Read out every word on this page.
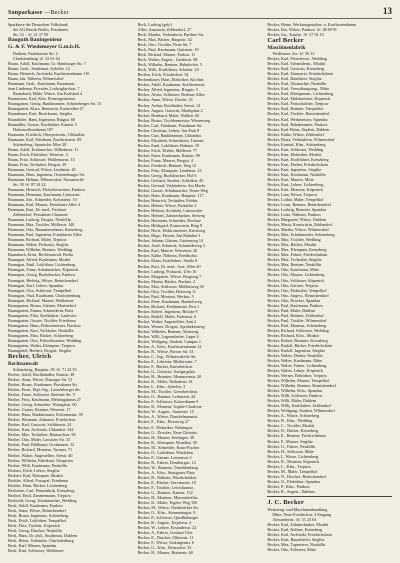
Sonparkasse —Becker	13
Sparkasse der Deutschen Volksbank
der AG Bezirk Berlin, Potsdamer
Str. 52 · ☏ 21 37 00
Bauguth Bauingenieur
G. & F. Wiedemeyer G.m.b.H.
Dahlem, Paulsborner Str. 2
Charlottenburg ☏ 32 61 64
Baum, Adolf, Kaufmann, Gr. Hamburger Str. 7
Baum, Gerh., Studienrat, Sybelstr. 12
Baum, Heinrich, Architekt, Kurfürstendamm 110
Baum, Ida, Näherin, Wilmersdorf
Baumann, Gerh., Kaufmann, Fasanenstr.
dem Lindenau, Privatier, Ludwigkirchstr. 7
Baumbach, Hilde, Witwe, Am Karlsbad 4
Baumeister, Karl, Kfm. Prinzregentenstr.
Baumgarten, Georg, Bankbeamter, Schöneberger Str. 15
Baumgarten, Klara, Rentnerin, Kaiserallee 67
Baumhauer, Kurt, Bezirksamt, Steglitz
Baumhöfer, Hans, Ingenieur, Ringstr. 60
Baumüller, Gustav, Buchhalter, Kantstr. 5
Hohenzollerndamm 107
Baumann, Friedrich, Oberpostsekr., Uhlandstr.
Baumann, Karl, Fabrikant, Kurfürstenstr. 85
Schöneberg, Spanische Allee 28
Baum, Adolf, Korbmacher, Wilhelmstr. 11
Baum, Erich, Elektriker, Weserstr. 3
Baum, Fritz, Schlosser, Waldemarstr. 13
Baum, Fritz, Techniker, Bergstr. 29
Baumann, Gertrud, Witwe, Lindenstr. 45
Baumann, Hans, Ingenieur, Oranienburger Str.
Baumann, Helmut, Wilmersdorf, Nassauische
Str. 30 ☏ 87 54 22
Baumann, Heinrich, Fleischermeister, Pankow
Baumann, Hermann, Kaufmann, Lützowstr.
Baumann, Joh., Schneider, Koloniestr. 10
Baumann, Karl, Maurer, Prenzlauer Allee 4
Baumann, Kurt, Dr. med., Facharzt
Zehlendorf, Potsdamer Chaussee
Baumann, Ludwig, Drogist, Neukölln
Baumann, Max, Tischler, Müllerstr. 140
Baumann, Otto, Bauunternehmer, Kreuzberg
Baumann, Paul, Ingenieur, Frankfurter Allee
Baumann, Richard, Maler, Treptow
Baumann, Walter, Prokurist, Steglitz
Baumann, Wilhelm, Rentner, Wedding
Baumbach, Ernst, Rechtsanwalt, Berlin
Baumgart, Alfred, Kaufmann, Moabit
Baumgart, Emil, Lokführer, Lichtenberg
Baumgart, Franz, Schuhmacher, Köpenick
Baumgart, Georg, Buchdrucker, Pankow
Baumgart, Hedwig, Witwe, Reinickendorf
Baumgart, Karl, Lehrer, Spandau
Baumgart, Otto, Schlosser, Tempelhof
Baumgart, Paul, Kaufmann, Charlottenburg
Baumgart, Richard, Maurer, Weißensee
Baumgarten, Bruno, Gärtner, Mariendorf
Baumgarten, Emma, Schneiderin, Britz
Baumgarten, Fritz, Kraftfahrer, Lankwitz
Baumgarten, Gustav, Tischler, Friedenau
Baumgarten, Hans, Elektromeister, Buckow
Baumgarten, Kurt, Verkäufer, Neukölln
Baumgarten, Max, Bäcker, Schöneberg
Baumgarten, Otto, Polizeibeamter, Wedding
Baumgarten, Walter, Klempner, Treptow
Baumgärtel, Herbert, Drogist, Steglitz
Becher, Ulrich
Rechtsanwalt
Schöneberg, Hauptstr. 85 ☏ 71 24 55
Becher, Adolf, Buchhändler, Kantstr. 48
Becher, Anna, Witwe, Danziger Str. 51
Becher, Bruno, Kaufmann, Potsdamer Str.
Becher, Ernst, Dipl.-Ing., Lietzenburger Str.
Becher, Franz, Schlosser, Stettiner Str. 9
Becher, Fritz, Kaufmann, Mehringdamm 27
Becher, Georg, Schneider, Wrangelstr. 60
Becher, Gustav, Rentner, Weserstr. 17
Becher, Hans, Bankbeamter, Kolonnenstr. 39
Becher, Hermann, Zahnarzt, Friedrichstr.
Becher, Karl, Gastwirt, Schlüterstr. 24
Becher, Kurt, Architekt, Uhlandstr. 144
Becher, Max, Techniker, Bismarckstr. 66
Becher, Otto, Maler, Lausitzer Str. 33
Becher, Paul, Bildhauer, Grolmanstr. 12
Becher, Richard, Monteur, Turmstr. 71
Becher, Walter, Angestellter, Seestr. 40
Becher, Wilhelm, Fabrikant, Tiergarten
Becher, Willi, Kaufmann, Neukölln
Bechert, Erich, Lehrer, Steglitz
Bechert, Karl, Klempner, Moabit
Bechler, Alfred, Fotograf, Friedenau
Bechler, Hans, Bäcker, Lichtenberg
Bechstein, Carl, Pianofabrik, Kreuzberg
Bechtel, Emil, Zimmermann, Treptow
Bechtold, Georg, Schuhmacher, Wedding
Beck, Adolf, Kaufmann, Pankow
Beck, Anna, Witwe, Reinickendorf
Beck, Bruno, Ingenieur, Schöneberg
Beck, Erich, Lokführer, Tempelhof
Beck, Fritz, Tischler, Köpenick
Beck, Georg, Drucker, Neukölln
Beck, Hans, Dr. phil., Studienrat, Dahlem
Beck, Heinz, Verkäufer, Charlottenburg
Beck, Karl, Maurer, Spandau
Beck, Kurt, Schlosser, Weißensee
Beck, Ludwig (geb.)
Allee, Anastasia, Zehlendorf, 27
Beck, Martha, Verkäuferin, Berliner Str.
Beck, Max, Bäcker, Hauptstr. 42
Beck, Otto, Tischler, Neue Str. 7
Beck, Paul, Kaufmann, Gartenstr. 19
Beck, Richard, Maurer, Parkstr. 11
Beck, Walter, Angest., Lindenstr. 88
Beck, Wilhelm, Rentner, Bahnhofstr. 3
Beck, Willi, Kraftfahrer, Schulstr. 24
Becken, Erich, Friedrichstr. 54
Beckenbauer, Hans, Elektriker, Kirchstr.
Becker, Adolf, Kaufmann, Kurfürstenstr.
Becker, Alfred, Ingenieur, Ringstr. 5
Becker, Alwin, Schlosser, Berliner Allee
Becker, Anna, Witwe, Dorfstr. 31
Becker, Arthur, Buchhalter, Seestr. 14
Becker, August, Gastwirt, Marktplatz 2
Becker, Bernhard, Maler, Waldstr. 60
Becker, Bruno, Tischlermeister, Wiesenweg
Becker, Carl, Fabrikant, Potsdamer Str.
Becker, Christian, Lehrer, Am Park 8
Becker, Curt, Bankbeamter, Uhlandstr.
Becker, Elisabeth, Schneiderin, Turmstr.
Becker, Emil, Lokführer, Bahnstr. 19
Becker, Erich, Dreher, Müllerstr. 77
Becker, Ernst, Kaufmann, Kantstr. 99
Becker, Franz, Maurer, Bergstr. 4
Becker, Friedrich, Rentner, Weg 12
Becker, Fritz, Klempner, Lindenstr. 23
Becker, Georg, Buchdrucker, Hof 6
Becker, Gerhard, Student, Schloßstr. 45
Becker, Gertrud, Verkäuferin, Am Markt
Becker, Gustav, Schuhmacher, Neuer Weg
Becker, Hans, Kaufmann, Hauptstr. 117
Becker, Heinrich, Techniker, Feldstr.
Becker, Helene, Witwe, Parkallee 2
Becker, Helmut, Architekt, Lützowufer
Becker, Herbert, Zahntechniker, Seeweg
Becker, Hermann, Schneider, Dorfaue
Becker, Hildegard, Kontoristin, Ring 9
Becker, Horst, Elektromeister, Kirchweg
Becker, Hugo, Friseur, Am Bahnhof 1
Becker, Johann, Gärtner, Gartenweg 14
Becker, Josef, Schmied, Schmiedeweg 3
Becker, Karl, Maurer, Wiesenstr. 20
Becker, Käthe, Näherin, Friedhofstr.
Becker, Klaus, Kraftfahrer, Straße 8
Becker, Kurt, Dr. med., Arzt, Allee 40
Becker, Ludwig, Prokurist, Ufer 16
Becker, Margarete, Witwe, Bergweg 7
Becker, Martin, Bäcker, Backstr. 2
Becker, Max, Schlosser, Mühlenweg 30
Becker, Otto, Tischler, Holzweg 11
Becker, Paul, Monteur, Werkstr. 5
Becker, Peter, Kaufmann, Handelsweg
Becker, Richard, Postbeamter, Post 1
Becker, Robert, Ingenieur, Brücke 9
Becker, Rudolf, Maler, Farbenstr. 6
Becker, Walter, Angestellter, Amt 2
Becker, Werner, Drogist, Apothekenweg
Becker, Wilhelm, Rentner, Altenweg
Becker, Willi, Lagerarbeiter, Lager 4
Becker, Wolfgang, Student, Campus 1
Becker, A., Kfm., Kurfürstendamm 12
Becker, B., Witwe, Pariser Str. 33
Becker, C., Ing., Wilmersdorfer Str.
Becker, E., Lehrerin, Bleibtreustr. 7
Becker, F., Bäcker, Knesebeckstr.
Becker, G., Gastwirt, Savignyplatz
Becker, H., Beamter, Mommsenstr. 20
Becker, K., Maler, Niebuhrstr. 61
Becker, L., Kfm., Sybelstr. 3
Becker, M., Tischler, Giesebrechtstr.
Becker, O., Rentner, Leibnizstr. 44
Becker, P., Schlosser, Kaiserdamm 9
Becker, R., Monteur, Sophie-Charlotte
Becker, W., Angest., Suarezstr. 15
Becker, A., Witwe, Danckelmannstr.
Becker, E., Kfm., Horstweg 27
Becker, F., Elektriker, Nehringstr.
Becker, G., Drucker, Neue Christstr.
Becker, H., Maurer, Seelingstr. 38
Becker, K., Klempner, Wundtstr. 50
Becker, M., Schneider, Kuno-Fischer
Becker, O., Lokführer, Witzleben
Becker, P., Gärtner, Lietzensee 2
Becker, R., Fahrer, Dernburgstr. 12
Becker, W., Beamter, Trendelenburg
Becker, A., Kfm., Stuttgarter Platz
Becker, B., Näherin, Windscheidstr.
Becker, E., Bäcker, Gervinusstr. 18
Becker, F., Tischler, Lewishamstr.
Becker, G., Rentner, Kantstr. 152
Becker, H., Monteur, Mierendorffstr.
Becker, K., Maler, Tegeler Weg 100
Becker, M., Witwe, Osnabrücker Str.
Becker, O., Kfm., Sömmeringstr. 8
Becker, P., Schlosser, Quedlinburger
Becker, R., Angest., Keplerstr. 4
Becker, W., Lehrer, Eosanderstr. 22
Becker, A., Fahrer, Goslarer Ufer
Becker, E., Drucker, Olbersstr. 11
Becker, F., Witwe, Sickingenstr. 6
Becker, G., Kfm., Beusselstr. 33
Becker, H., Maurer, Huttenstr. 60
Becker, Heinz, Werkzeugmacher, u. Kurfürstendamm
Becker, Ilse, Witwe, Pankow ☏ 48 69 91
Becker, Jos., Kaufm. ☏ 27 54 10
Carl Becker
Maschinenfabrik
Weißensee, Str. ☏ 56 13
Becker, Karl, Fleischerm., Wedding
Becker, Karl, Schneiderm., Moabit
Becker, Karl, Gastwirt, Kreuzberg
Becker, Karl, Zimmerer, Friedrichshain
Becker, Karl, Bauführer, Steglitz
Becker, Karl, Uhrmacher, Neukölln
Becker, Karl, Verwaltungsang., Mitte
Becker, Karl, Klempnerm., Lichtenberg
Becker, Karl, Malermeister, Köpenick
Becker, Karl, Postschaffner, Treptow
Becker, Karl, Rentner, Tempelhof
Becker, Karl, Tischler, Reinickendorf
Becker, Karl, Werkmeister, Spandau
Becker, Karl, Bahnbeamter, Pankow
Becker, Karl-Heinz, Student, Dahlem
Becker, Käthe, Witwe, Zehlendorf
Becker, Klara, Verkäuferin, Wilmersdorf
Becker, Konrad, Kfm., Schöneberg
Becker, Kurt, Schlosser, Wedding
Becker, Kurt, Elektriker, Moabit
Becker, Kurt, Kraftfahrer, Kreuzberg
Becker, Kurt, Dreher, Friedrichshain
Becker, Kurt, Ingenieur, Steglitz
Becker, Kurt, Kaufmann, Neukölln
Becker, Kurt, Maurer, Mitte
Becker, Kurt, Lehrer, Lichtenberg
Becker, Kurt, Monteur, Köpenick
Becker, Lina, Witwe, Treptow
Becker, Lothar, Maler, Tempelhof
Becker, Louis, Rentner, Reinickendorf
Becker, Ludwig, Beamter, Spandau
Becker, Luise, Näherin, Pankow
Becker, Margarete, Witwe, Dahlem
Becker, Maria, Kontoristin, Zehlendorf
Becker, Martha, Witwe, Wilmersdorf
Becker, Max, Schuhmacher, Schöneberg
Becker, Max, Tischler, Wedding
Becker, Max, Bäcker, Moabit
Becker, Max, Klempner, Kreuzberg
Becker, Max, Fahrer, Friedrichshain
Becker, Max, Techniker, Steglitz
Becker, Max, Rentner, Neukölln
Becker, Otto, Kaufmann, Mitte
Becker, Otto, Maurer, Lichtenberg
Becker, Otto, Schlosser, Köpenick
Becker, Otto, Gärtner, Treptow
Becker, Otto, Elektriker, Tempelhof
Becker, Otto, Angest., Reinickendorf
Becker, Otto, Drucker, Spandau
Becker, Paul, Kaufmann, Pankow
Becker, Paul, Maler, Dahlem
Becker, Paul, Rentner, Zehlendorf
Becker, Paul, Tischler, Wilmersdorf
Becker, Paul, Monteur, Schöneberg
Becker, Richard, Schlosser, Wedding
Becker, Richard, Kfm., Moabit
Becker, Robert, Beamter, Kreuzberg
Becker, Rudolf, Bäcker, Friedrichshain
Becker, Rudolf, Ingenieur, Steglitz
Becker, Walter, Dreher, Neukölln
Becker, Walter, Kaufmann, Mitte
Becker, Walter, Fahrer, Lichtenberg
Becker, Walter, Lehrer, Köpenick
Becker, Werner, Elektriker, Treptow
Becker, Wilhelm, Maurer, Tempelhof
Becker, Wilhelm, Rentner, Reinickendorf
Becker, Wilhelm, Kfm., Spandau
Becker, Willi, Schlosser, Pankow
Becker, Willi, Maler, Dahlem
Becker, Willy, Kraftfahrer, Zehlendorf
Becker, Wolfgang, Student, Wilmersdorf
Becker, A., Witwe, Schöneberg
Becker, B., Kfm., Wedding
Becker, C., Tischler, Moabit
Becker, D., Bäcker, Kreuzberg
Becker, E., Rentner, Friedrichshain
Becker, F., Maurer, Steglitz
Becker, G., Fahrer, Neukölln
Becker, H., Schlosser, Mitte
Becker, I., Witwe, Lichtenberg
Becker, K., Monteur, Köpenick
Becker, L., Kfm., Treptow
Becker, M., Maler, Tempelhof
Becker, N., Drucker, Reinickendorf
Becker, O., Elektriker, Spandau
Becker, P., Kfm., Pankow
Becker, R., Angest., Dahlem
J. C. Becker
Werkzeug- und Maschinenhandlung
Mitte, Neue Friedrichstr. 4 Eingang
Alexanderstr. ☏ 51 23 64
Becker, Karl, Zahntechniker, Moabit
Becker, Karl, Kellner, Kreuzberg
Becker, Karl, Architekt, Friedrichshain
Becker, Kurt, Bauarbeiter, Steglitz
Becker, Max, Tapezierer, Neukölln
Becker, Otto, Polsterer, Mitte
